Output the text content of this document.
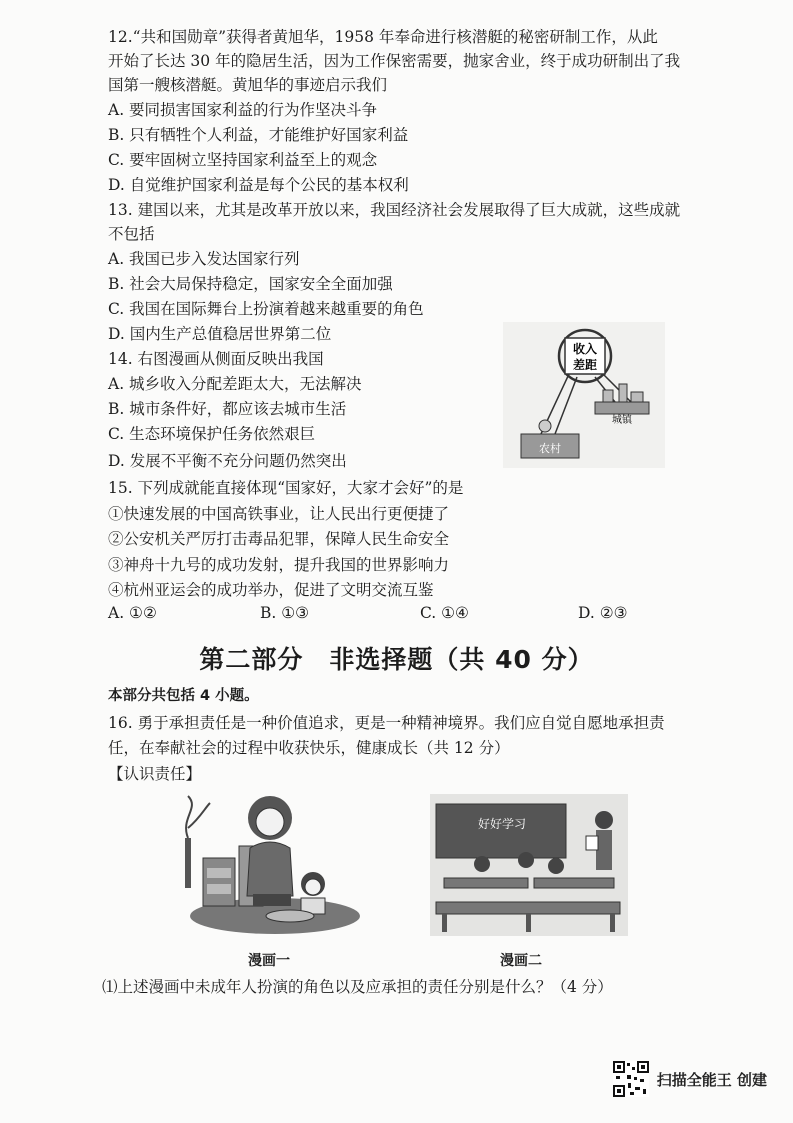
12.“共和国勋章”获得者黄旭华，1958 年奉命进行核潜艇的秘密研制工作，从此
开始了长达 30 年的隐居生活，因为工作保密需要，抛家舍业，终于成功研制出了我
国第一艘核潜艇。黄旭华的事迹启示我们
A. 要同损害国家利益的行为作坚决斗争
B. 只有牺牲个人利益，才能维护好国家利益
C. 要牢固树立坚持国家利益至上的观念
D. 自觉维护国家利益是每个公民的基本权利
13. 建国以来，尤其是改革开放以来，我国经济社会发展取得了巨大成就，这些成就
不包括
A. 我国已步入发达国家行列
B. 社会大局保持稳定，国家安全全面加强
C. 我国在国际舞台上扮演着越来越重要的角色
D. 国内生产总值稳居世界第二位
14. 右图漫画从侧面反映出我国
A. 城乡收入分配差距太大，无法解决
B. 城市条件好，都应该去城市生活
C. 生态环境保护任务依然艰巨
D. 发展不平衡不充分问题仍然突出
收入
差距
城镇
农村
15. 下列成就能直接体现“国家好，大家才会好”的是
①快速发展的中国高铁事业，让人民出行更便捷了
②公安机关严厉打击毒品犯罪，保障人民生命安全
③神舟十九号的成功发射，提升我国的世界影响力
④杭州亚运会的成功举办，促进了文明交流互鉴
A. ①②	B. ①③	C. ①④	D. ②③
第二部分　非选择题（共 40 分）
本部分共包括 4 小题。
16. 勇于承担责任是一种价值追求，更是一种精神境界。我们应自觉自愿地承担责
任，在奉献社会的过程中收获快乐，健康成长（共 12 分）
【认识责任】
漫画一
好好学习
漫画二
⑴上述漫画中未成年人扮演的角色以及应承担的责任分别是什么？（4 分）
扫描全能王 创建
